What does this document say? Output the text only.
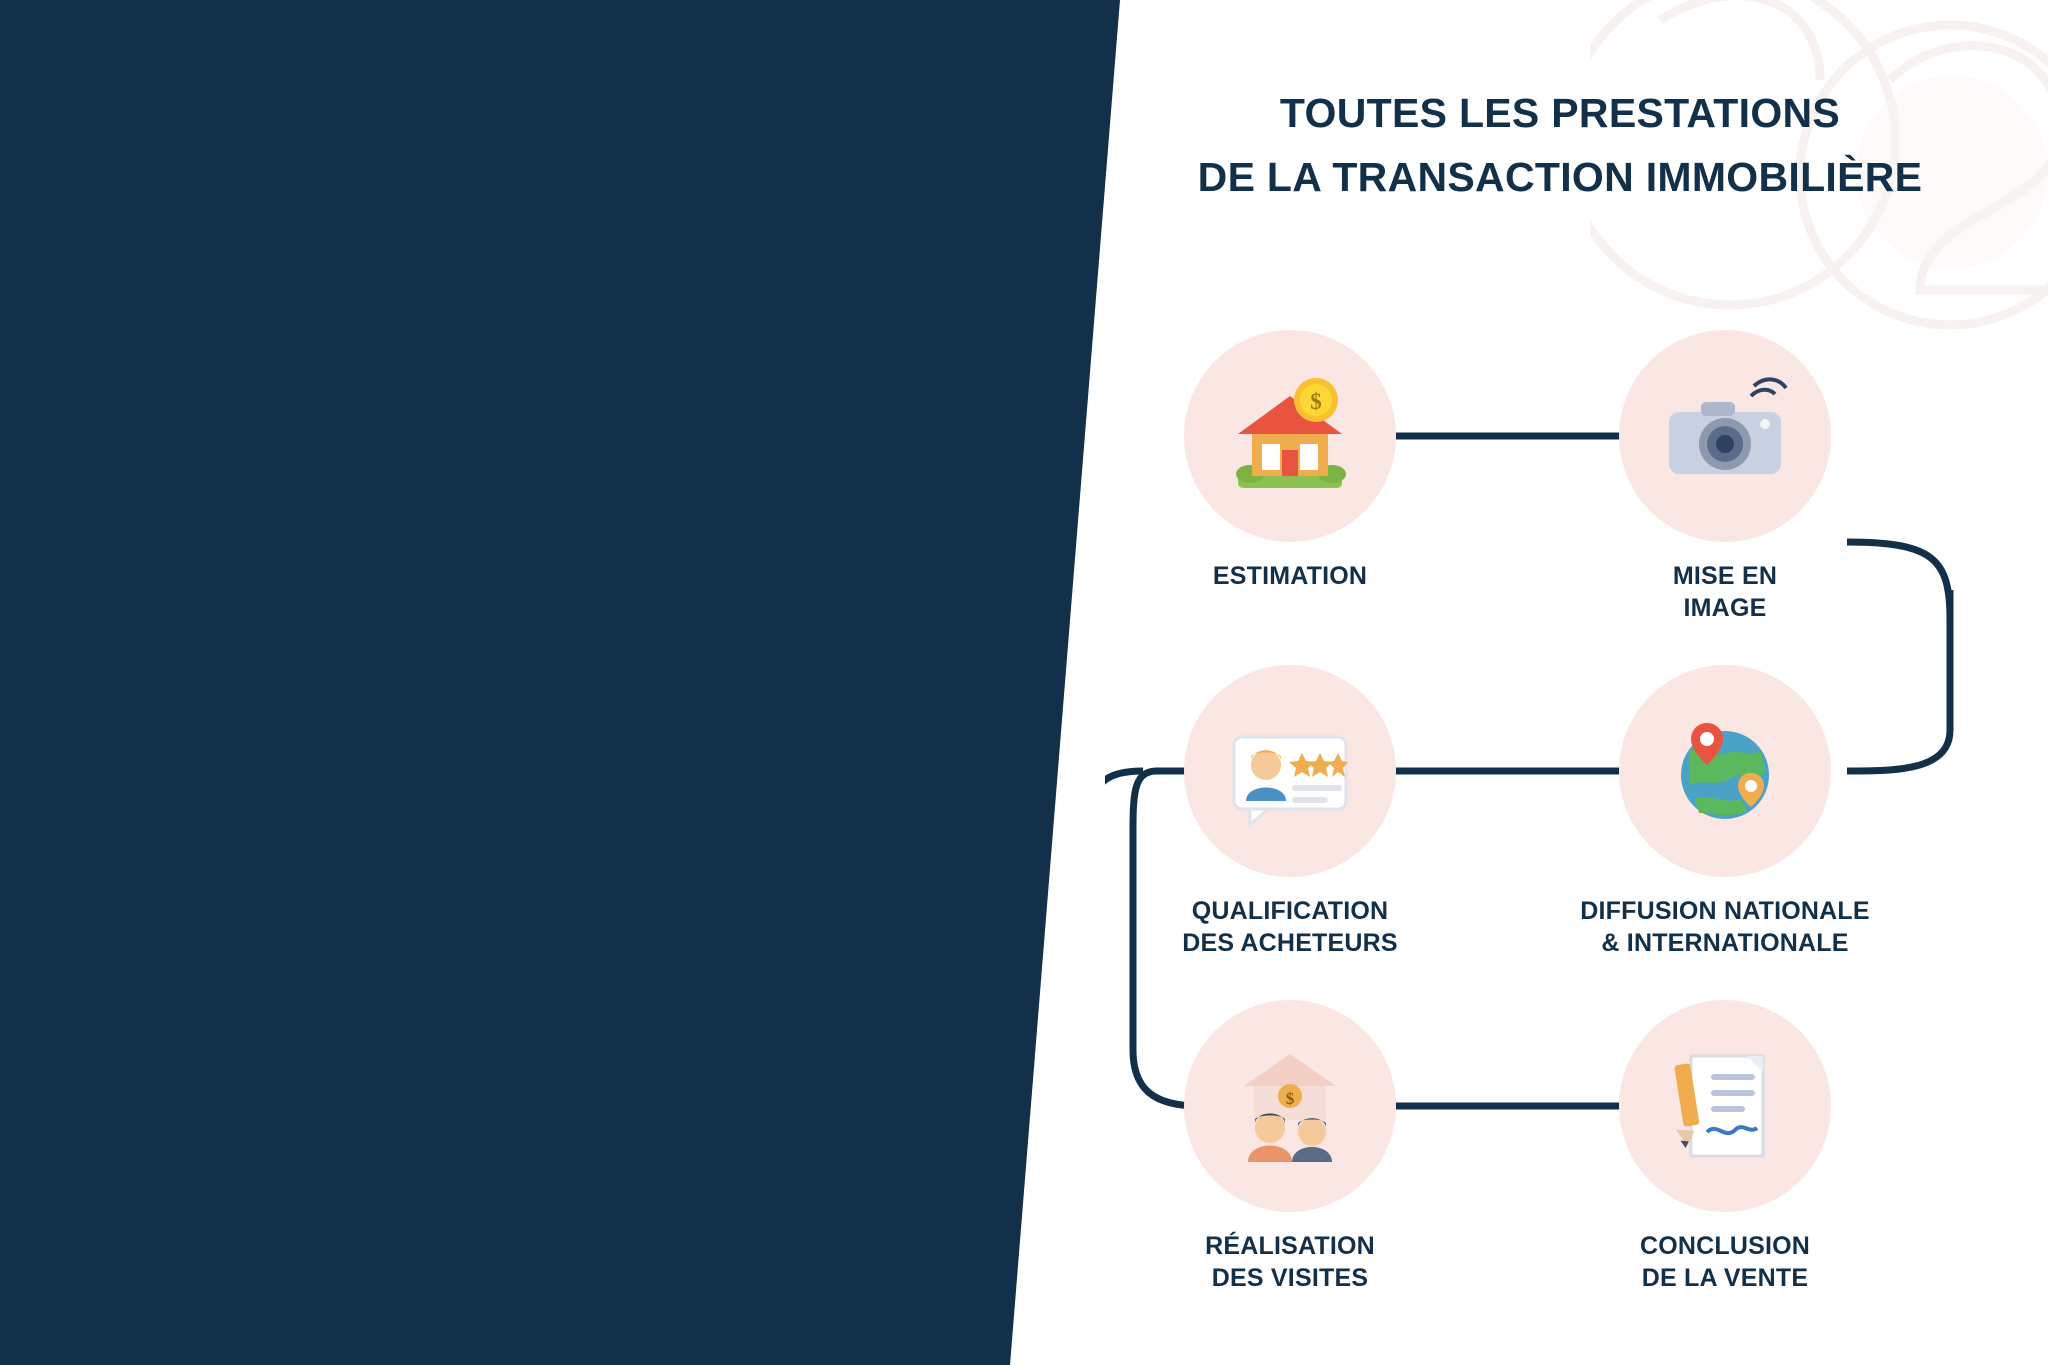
TOUTES LES PRESTATIONS
DE LA TRANSACTION IMMOBILIÈRE
$
ESTIMATION	MISE EN
IMAGE
QUALIFICATION
DES ACHETEURS
DIFFUSION NATIONALE
& INTERNATIONALE
$
RÉALISATION
DES VISITES
CONCLUSION
DE LA VENTE
